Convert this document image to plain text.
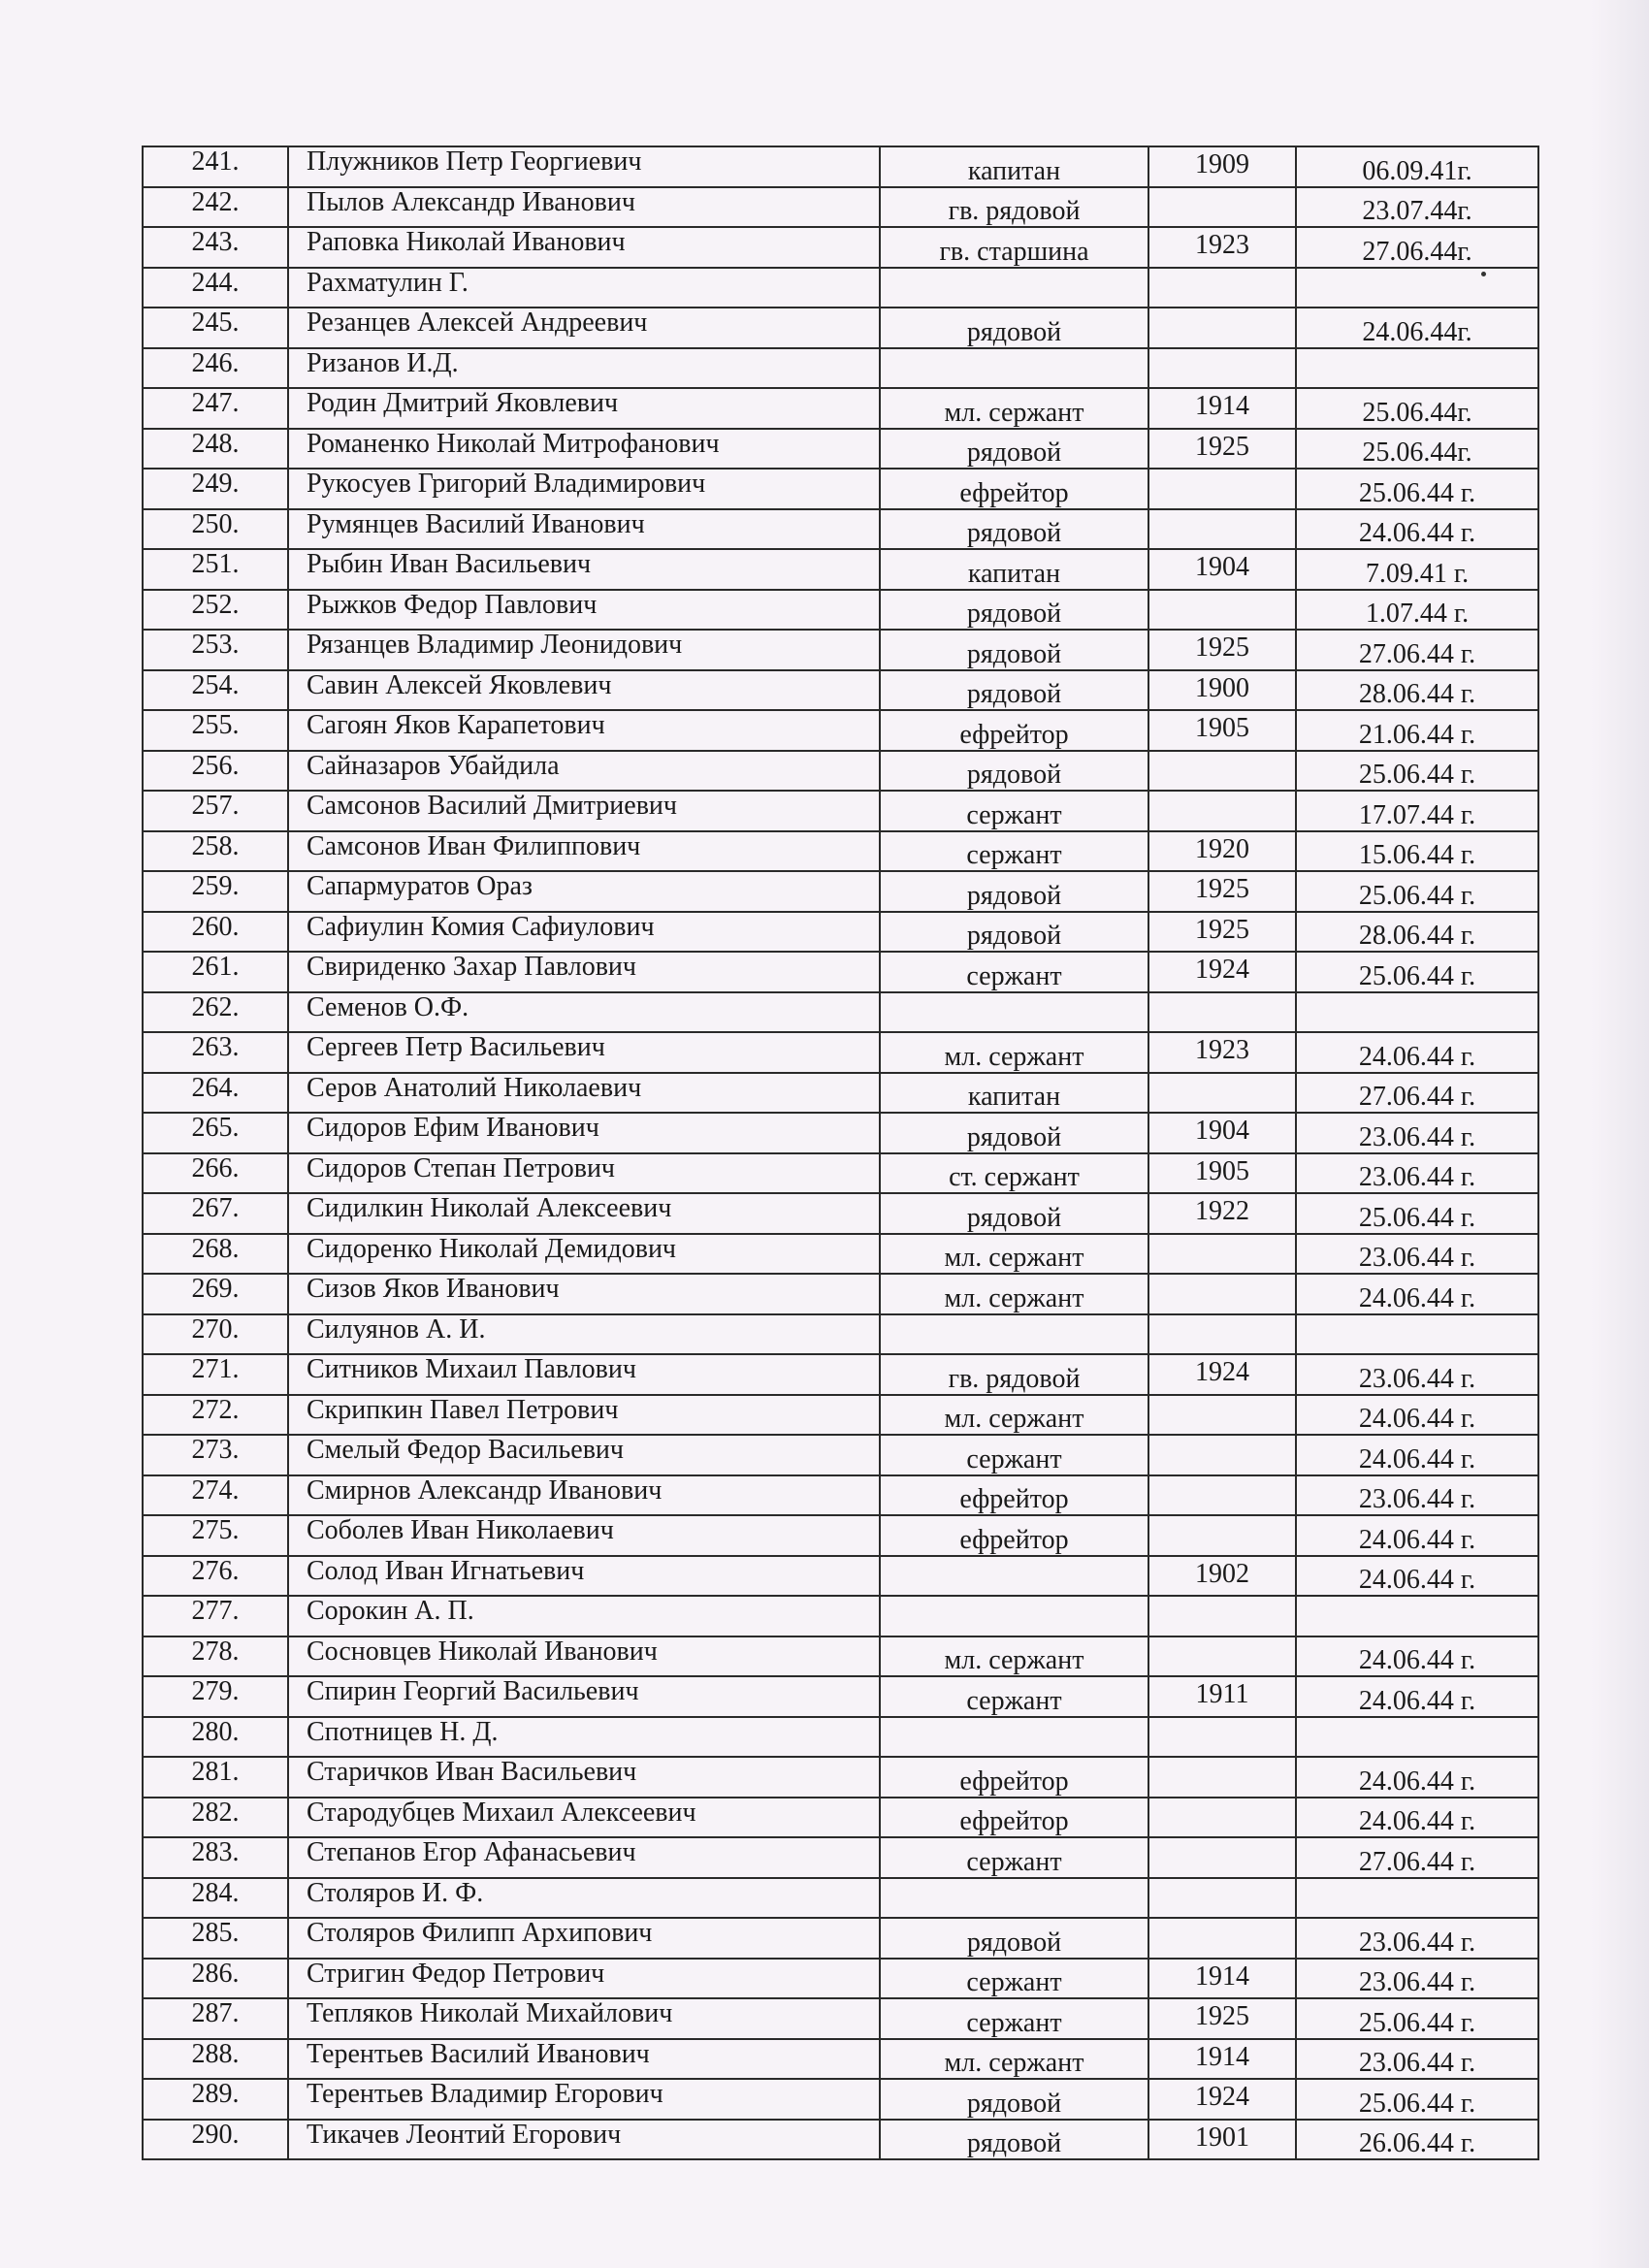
241.	Плужников Петр Георгиевич	капитан	1909	06.09.41г.
242.	Пылов Александр Иванович	гв. рядовой		23.07.44г.
243.	Раповка Николай Иванович	гв. старшина	1923	27.06.44г.
244.	Рахматулин Г.			
245.	Резанцев Алексей Андреевич	рядовой		24.06.44г.
246.	Ризанов И.Д.			
247.	Родин Дмитрий Яковлевич	мл. сержант	1914	25.06.44г.
248.	Романенко Николай Митрофанович	рядовой	1925	25.06.44г.
249.	Рукосуев Григорий Владимирович	ефрейтор		25.06.44 г.
250.	Румянцев Василий Иванович	рядовой		24.06.44 г.
251.	Рыбин Иван Васильевич	капитан	1904	7.09.41 г.
252.	Рыжков Федор Павлович	рядовой		1.07.44 г.
253.	Рязанцев Владимир Леонидович	рядовой	1925	27.06.44 г.
254.	Савин Алексей Яковлевич	рядовой	1900	28.06.44 г.
255.	Сагоян Яков Карапетович	ефрейтор	1905	21.06.44 г.
256.	Сайназаров Убайдила	рядовой		25.06.44 г.
257.	Самсонов Василий Дмитриевич	сержант		17.07.44 г.
258.	Самсонов Иван Филиппович	сержант	1920	15.06.44 г.
259.	Сапармуратов Ораз	рядовой	1925	25.06.44 г.
260.	Сафиулин Комия Сафиулович	рядовой	1925	28.06.44 г.
261.	Свириденко Захар Павлович	сержант	1924	25.06.44 г.
262.	Семенов О.Ф.			
263.	Сергеев Петр Васильевич	мл. сержант	1923	24.06.44 г.
264.	Серов Анатолий Николаевич	капитан		27.06.44 г.
265.	Сидоров Ефим Иванович	рядовой	1904	23.06.44 г.
266.	Сидоров Степан Петрович	ст. сержант	1905	23.06.44 г.
267.	Сидилкин Николай Алексеевич	рядовой	1922	25.06.44 г.
268.	Сидоренко Николай Демидович	мл. сержант		23.06.44 г.
269.	Сизов Яков Иванович	мл. сержант		24.06.44 г.
270.	Силуянов А. И.			
271.	Ситников Михаил Павлович	гв. рядовой	1924	23.06.44 г.
272.	Скрипкин Павел Петрович	мл. сержант		24.06.44 г.
273.	Смелый Федор Васильевич	сержант		24.06.44 г.
274.	Смирнов Александр Иванович	ефрейтор		23.06.44 г.
275.	Соболев Иван Николаевич	ефрейтор		24.06.44 г.
276.	Солод Иван Игнатьевич		1902	24.06.44 г.
277.	Сорокин А. П.			
278.	Сосновцев Николай Иванович	мл. сержант		24.06.44 г.
279.	Спирин Георгий Васильевич	сержант	1911	24.06.44 г.
280.	Спотницев Н. Д.			
281.	Старичков Иван Васильевич	ефрейтор		24.06.44 г.
282.	Стародубцев Михаил Алексеевич	ефрейтор		24.06.44 г.
283.	Степанов Егор Афанасьевич	сержант		27.06.44 г.
284.	Столяров И. Ф.			
285.	Столяров Филипп Архипович	рядовой		23.06.44 г.
286.	Стригин Федор Петрович	сержант	1914	23.06.44 г.
287.	Тепляков Николай Михайлович	сержант	1925	25.06.44 г.
288.	Терентьев Василий Иванович	мл. сержант	1914	23.06.44 г.
289.	Терентьев Владимир Егорович	рядовой	1924	25.06.44 г.
290.	Тикачев Леонтий Егорович	рядовой	1901	26.06.44 г.
